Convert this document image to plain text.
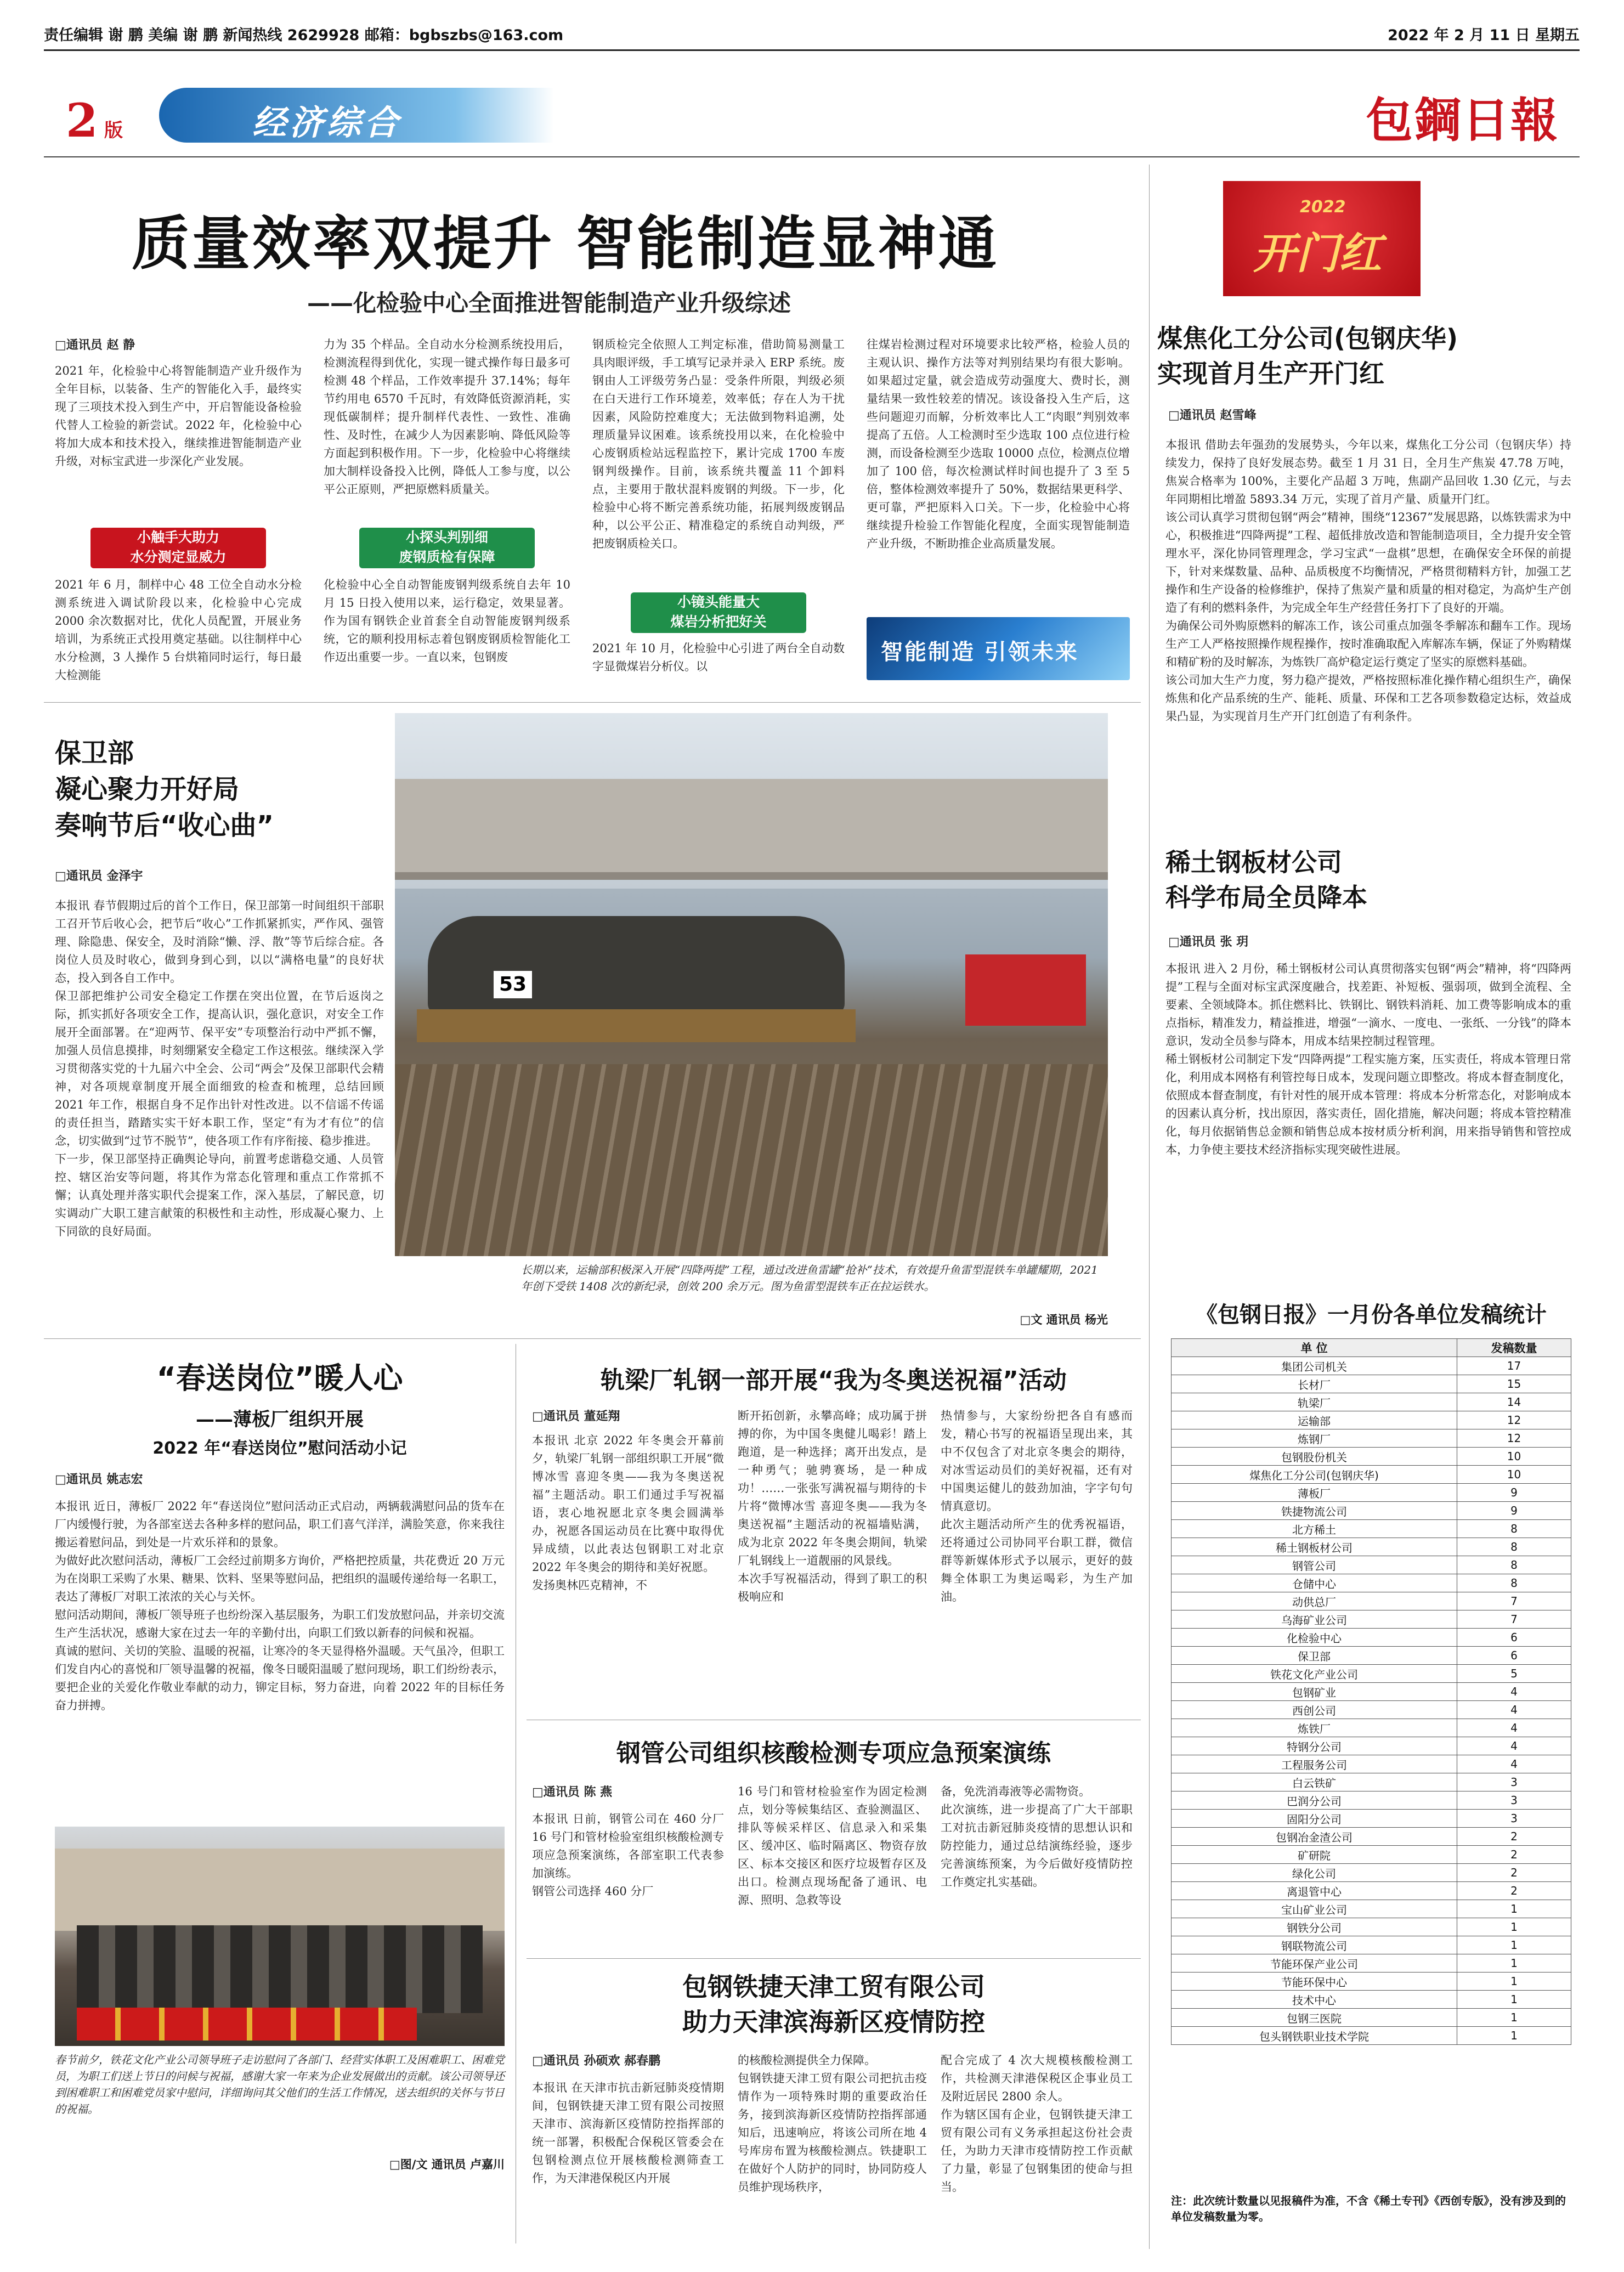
责任编辑 谢 鹏 美编 谢 鹏 新闻热线 2629928 邮箱：bgbszbs@163.com	2022 年 2 月 11 日 星期五
2 版	经济综合	包鋼日報
质量效率双提升 智能制造显神通
——化检验中心全面推进智能制造产业升级综述
□通讯员 赵 静
2021 年，化检验中心将智能制造产业升级作为全年目标，以装备、生产的智能化入手，最终实现了三项技术投入到生产中，开启智能设备检验代替人工检验的新尝试。2022 年，化检验中心将加大成本和技术投入，继续推进智能制造产业升级，对标宝武进一步深化产业发展。
小触手大助力
水分测定显威力
2021 年 6 月，制样中心 48 工位全自动水分检测系统进入调试阶段以来，化检验中心完成 2000 余次数据对比，优化人员配置，开展业务培训，为系统正式投用奠定基础。以往制样中心水分检测，3 人操作 5 台烘箱同时运行，每日最大检测能
力为 35 个样品。全自动水分检测系统投用后，检测流程得到优化，实现一键式操作每日最多可检测 48 个样品，工作效率提升 37.14%；每年节约用电 6570 千瓦时，有效降低资源消耗，实现低碳制样；提升制样代表性、一致性、准确性、及时性，在减少人为因素影响、降低风险等方面起到积极作用。下一步，化检验中心将继续加大制样设备投入比例，降低人工参与度，以公平公正原则，严把原燃料质量关。
小探头判别细
废钢质检有保障
化检验中心全自动智能废钢判级系统自去年 10 月 15 日投入使用以来，运行稳定，效果显著。作为国有钢铁企业首套全自动智能废钢判级系统，它的顺利投用标志着包钢废钢质检智能化工作迈出重要一步。一直以来，包钢废
钢质检完全依照人工判定标准，借助简易测量工具肉眼评级，手工填写记录并录入 ERP 系统。废钢由人工评级劳务凸显：受条件所限，判级必须在白天进行工作环境差，效率低；存在人为干扰因素，风险防控难度大；无法做到物料追溯，处理质量异议困难。该系统投用以来，在化检验中心废钢质检站远程监控下，累计完成 1700 车废钢判级操作。目前，该系统共覆盖 11 个卸料点，主要用于散状混料废钢的判级。下一步，化检验中心将不断完善系统功能，拓展判级废钢品种，以公平公正、精准稳定的系统自动判级，严把废钢质检关口。
小镜头能量大
煤岩分析把好关
2021 年 10 月，化检验中心引进了两台全自动数字显微煤岩分析仪。以
往煤岩检测过程对环境要求比较严格，检验人员的主观认识、操作方法等对判别结果均有很大影响。如果超过定量，就会造成劳动强度大、费时长，测量结果一致性较差的情况。该设备投入生产后，这些问题迎刃而解，分析效率比人工“肉眼”判别效率提高了五倍。人工检测时至少选取 100 点位进行检测，而设备检测至少选取 10000 点位，检测点位增加了 100 倍，每次检测试样时间也提升了 3 至 5 倍，整体检测效率提升了 50%，数据结果更科学、更可靠，严把原料入口关。下一步，化检验中心将继续提升检验工作智能化程度，全面实现智能制造产业升级，不断助推企业高质量发展。
智能制造 引领未来
2022
开门红
煤焦化工分公司(包钢庆华)
实现首月生产开门红
□通讯员 赵雪峰
本报讯 借助去年强劲的发展势头，今年以来，煤焦化工分公司（包钢庆华）持续发力，保持了良好发展态势。截至 1 月 31 日，全月生产焦炭 47.78 万吨，焦炭合格率为 100%，主要化产品超 3 万吨，焦副产品回收 1.30 亿元，与去年同期相比增盈 5893.34 万元，实现了首月产量、质量开门红。
该公司认真学习贯彻包钢“两会”精神，围绕“12367”发展思路，以炼铁需求为中心，积极推进“四降两提”工程、超低排放改造和智能制造项目，全力提升安全管理水平，深化协同管理理念，学习宝武“一盘棋”思想，在确保安全环保的前提下，针对来煤数量、品种、品质极度不均衡情况，严格贯彻精料方针，加强工艺操作和生产设备的检修维护，保持了焦炭产量和质量的相对稳定，为高炉生产创造了有利的燃料条件，为完成全年生产经营任务打下了良好的开端。
为确保公司外购原燃料的解冻工作，该公司重点加强冬季解冻和翻车工作。现场生产工人严格按照操作规程操作，按时准确取配入库解冻车辆，保证了外购精煤和精矿粉的及时解冻，为炼铁厂高炉稳定运行奠定了坚实的原燃料基础。
该公司加大生产力度，努力稳产提效，严格按照标准化操作精心组织生产，确保炼焦和化产品系统的生产、能耗、质量、环保和工艺各项参数稳定达标，效益成果凸显，为实现首月生产开门红创造了有利条件。
稀土钢板材公司
科学布局全员降本
□通讯员 张 玥
本报讯 进入 2 月份，稀土钢板材公司认真贯彻落实包钢“两会”精神，将“四降两提”工程与全面对标宝武深度融合，找差距、补短板、强弱项，做到全流程、全要素、全领域降本。抓住燃料比、铁钢比、钢铁料消耗、加工费等影响成本的重点指标，精准发力，精益推进，增强“一滴水、一度电、一张纸、一分钱”的降本意识，发动全员参与降本，用成本结果控制过程管理。
稀土钢板材公司制定下发“四降两提”工程实施方案，压实责任，将成本管理日常化，利用成本网格有利管控每日成本，发现问题立即整改。将成本督查制度化，依照成本督查制度，有针对性的展开成本管理：将成本分析常态化，对影响成本的因素认真分析，找出原因，落实责任，固化措施，解决问题；将成本管控精准化，每月依据销售总金额和销售总成本按材质分析利润，用来指导销售和管控成本，力争使主要技术经济指标实现突破性进展。
《包钢日报》一月份各单位发稿统计
单 位	发稿数量
集团公司机关	17
长材厂	15
轨梁厂	14
运输部	12
炼钢厂	12
包钢股份机关	10
煤焦化工分公司(包钢庆华)	10
薄板厂	9
铁捷物流公司	9
北方稀土	8
稀土钢板材公司	8
钢管公司	8
仓储中心	8
动供总厂	7
乌海矿业公司	7
化检验中心	6
保卫部	6
铁花文化产业公司	5
包钢矿业	4
西创公司	4
炼铁厂	4
特钢分公司	4
工程服务公司	4
白云铁矿	3
巴润分公司	3
固阳分公司	3
包钢冶金渣公司	2
矿研院	2
绿化公司	2
离退管中心	2
宝山矿业公司	1
钢铁分公司	1
钢联物流公司	1
节能环保产业公司	1
节能环保中心	1
技术中心	1
包钢三医院	1
包头钢铁职业技术学院	1
注：此次统计数量以见报稿件为准，不含《稀土专刊》《西创专版》，没有涉及到的单位发稿数量为零。
保卫部
凝心聚力开好局
奏响节后“收心曲”
□通讯员 金泽宇
本报讯 春节假期过后的首个工作日，保卫部第一时间组织干部职工召开节后收心会，把节后“收心”工作抓紧抓实，严作风、强管理、除隐患、保安全，及时消除“懒、浮、散”等节后综合症。各岗位人员及时收心，做到身到心到，以以“满格电量”的良好状态，投入到各自工作中。
保卫部把维护公司安全稳定工作摆在突出位置，在节后返岗之际，抓实抓好各项安全工作，提高认识，强化意识，对安全工作展开全面部署。在“迎两节、保平安”专项整治行动中严抓不懈，加强人员信息摸排，时刻绷紧安全稳定工作这根弦。继续深入学习贯彻落实党的十九届六中全会、公司“两会”及保卫部职代会精神，对各项规章制度开展全面细致的检查和梳理，总结回顾 2021 年工作，根据自身不足作出针对性改进。以不信谣不传谣的责任担当，踏踏实实干好本职工作，坚定“有为才有位”的信念，切实做到“过节不脱节”，使各项工作有序衔接、稳步推进。
下一步，保卫部坚持正确舆论导向，前置考虑谐稳交通、人员管控、辖区治安等问题，将其作为常态化管理和重点工作常抓不懈；认真处理并落实职代会提案工作，深入基层，了解民意，切实调动广大职工建言献策的积极性和主动性，形成凝心聚力、上下同欲的良好局面。
53
长期以来，运输部积极深入开展“四降两提”工程，通过改进鱼雷罐“抢补”技术，有效提升鱼雷型混铁车单罐耀期，2021 年创下受铁 1408 次的新纪录，创效 200 余万元。图为鱼雷型混铁车正在拉运铁水。
□文 通讯员 杨光
“春送岗位”暖人心
——薄板厂组织开展
2022 年“春送岗位”慰问活动小记
□通讯员 姚志宏
本报讯 近日，薄板厂 2022 年“春送岗位”慰问活动正式启动，两辆载满慰问品的货车在厂内缓慢行驶，为各部室送去各种多样的慰问品，职工们喜气洋洋，满脸笑意，你来我往搬运着慰问品，到处是一片欢乐祥和的景象。
为做好此次慰问活动，薄板厂工会经过前期多方询价，严格把控质量，共花费近 20 万元为在岗职工采购了水果、糖果、饮料、坚果等慰问品，把组织的温暖传递给每一名职工，表达了薄板厂对职工浓浓的关心与关怀。
慰问活动期间，薄板厂领导班子也纷纷深入基层服务，为职工们发放慰问品，并亲切交流生产生活状况，感谢大家在过去一年的辛勤付出，向职工们致以新春的问候和祝福。
真诚的慰问、关切的笑脸、温暖的祝福，让寒冷的冬天显得格外温暖。天气虽冷，但职工们发自内心的喜悦和厂领导温馨的祝福，像冬日暖阳温暖了慰问现场，职工们纷纷表示，要把企业的关爱化作敬业奉献的动力，铆定目标，努力奋进，向着 2022 年的目标任务奋力拼搏。
春节前夕，铁花文化产业公司领导班子走访慰问了各部门、经营实体职工及困难职工、困难党员，为职工们送上节日的问候与祝福，感谢大家一年来为企业发展做出的贡献。该公司领导还到困难职工和困难党员家中慰问，详细询问其父他们的生活工作情况，送去组织的关怀与节日的祝福。
□图/文 通讯员 卢嘉川
轨梁厂轧钢一部开展“我为冬奥送祝福”活动
□通讯员 董延翔
本报讯 北京 2022 年冬奥会开幕前夕，轨梁厂轧钢一部组织职工开展“微博冰雪 喜迎冬奥——我为冬奥送祝福”主题活动。职工们通过手写祝福语，衷心地祝愿北京冬奥会圆满举办，祝愿各国运动员在比赛中取得优异成绩，以此表达包钢职工对北京 2022 年冬奥会的期待和美好祝愿。
发扬奥林匹克精神，不
断开拓创新，永攀高峰；成功属于拼搏的你，为中国冬奥健儿喝彩！踏上跑道，是一种选择；离开出发点，是一种勇气；驰骋赛场，是一种成功！……一张张写满祝福与期待的卡片将“微博冰雪 喜迎冬奥——我为冬奥送祝福”主题活动的祝福墙贴满，成为北京 2022 年冬奥会期间，轨梁厂轧钢线上一道靓丽的风景线。
本次手写祝福活动，得到了职工的积极响应和
热情参与，大家纷纷把各自有感而发，精心书写的祝福语呈现出来，其中不仅包含了对北京冬奥会的期待，对冰雪运动员们的美好祝福，还有对中国奥运健儿的鼓劲加油，字字句句情真意切。
此次主题活动所产生的优秀祝福语，还将通过公司协同平台职工群，微信群等新媒体形式予以展示，更好的鼓舞全体职工为奥运喝彩，为生产加油。
钢管公司组织核酸检测专项应急预案演练
□通讯员 陈 燕
本报讯 日前，钢管公司在 460 分厂 16 号门和管材检验室组织核酸检测专项应急预案演练，各部室职工代表参加演练。
钢管公司选择 460 分厂
16 号门和管材检验室作为固定检测点，划分等候集结区、查验测温区、排队等候采样区、信息录入和采集区、缓冲区、临时隔离区、物资存放区、标本交接区和医疗垃圾暂存区及出口。检测点现场配备了通讯、电源、照明、急救等设
备，免洗消毒液等必需物资。
此次演练，进一步提高了广大干部职工对抗击新冠肺炎疫情的思想认识和防控能力，通过总结演练经验，逐步完善演练预案，为今后做好疫情防控工作奠定扎实基础。
包钢铁捷天津工贸有限公司
助力天津滨海新区疫情防控
□通讯员 孙硕欢 郝春鹏
本报讯 在天津市抗击新冠肺炎疫情期间，包钢铁捷天津工贸有限公司按照天津市、滨海新区疫情防控指挥部的统一部署，积极配合保税区管委会在包钢检测点位开展核酸检测筛查工作，为天津港保税区内开展
的核酸检测提供全力保障。
包钢铁捷天津工贸有限公司把抗击疫情作为一项特殊时期的重要政治任务，接到滨海新区疫情防控指挥部通知后，迅速响应，将该公司所在地 4 号库房布置为核酸检测点。铁捷职工在做好个人防护的同时，协同防疫人员维护现场秩序，
配合完成了 4 次大规模核酸检测工作，共检测天津港保税区企事业员工及附近居民 2800 余人。
作为辖区国有企业，包钢铁捷天津工贸有限公司有义务承担起这份社会责任，为助力天津市疫情防控工作贡献了力量，彰显了包钢集团的使命与担当。
